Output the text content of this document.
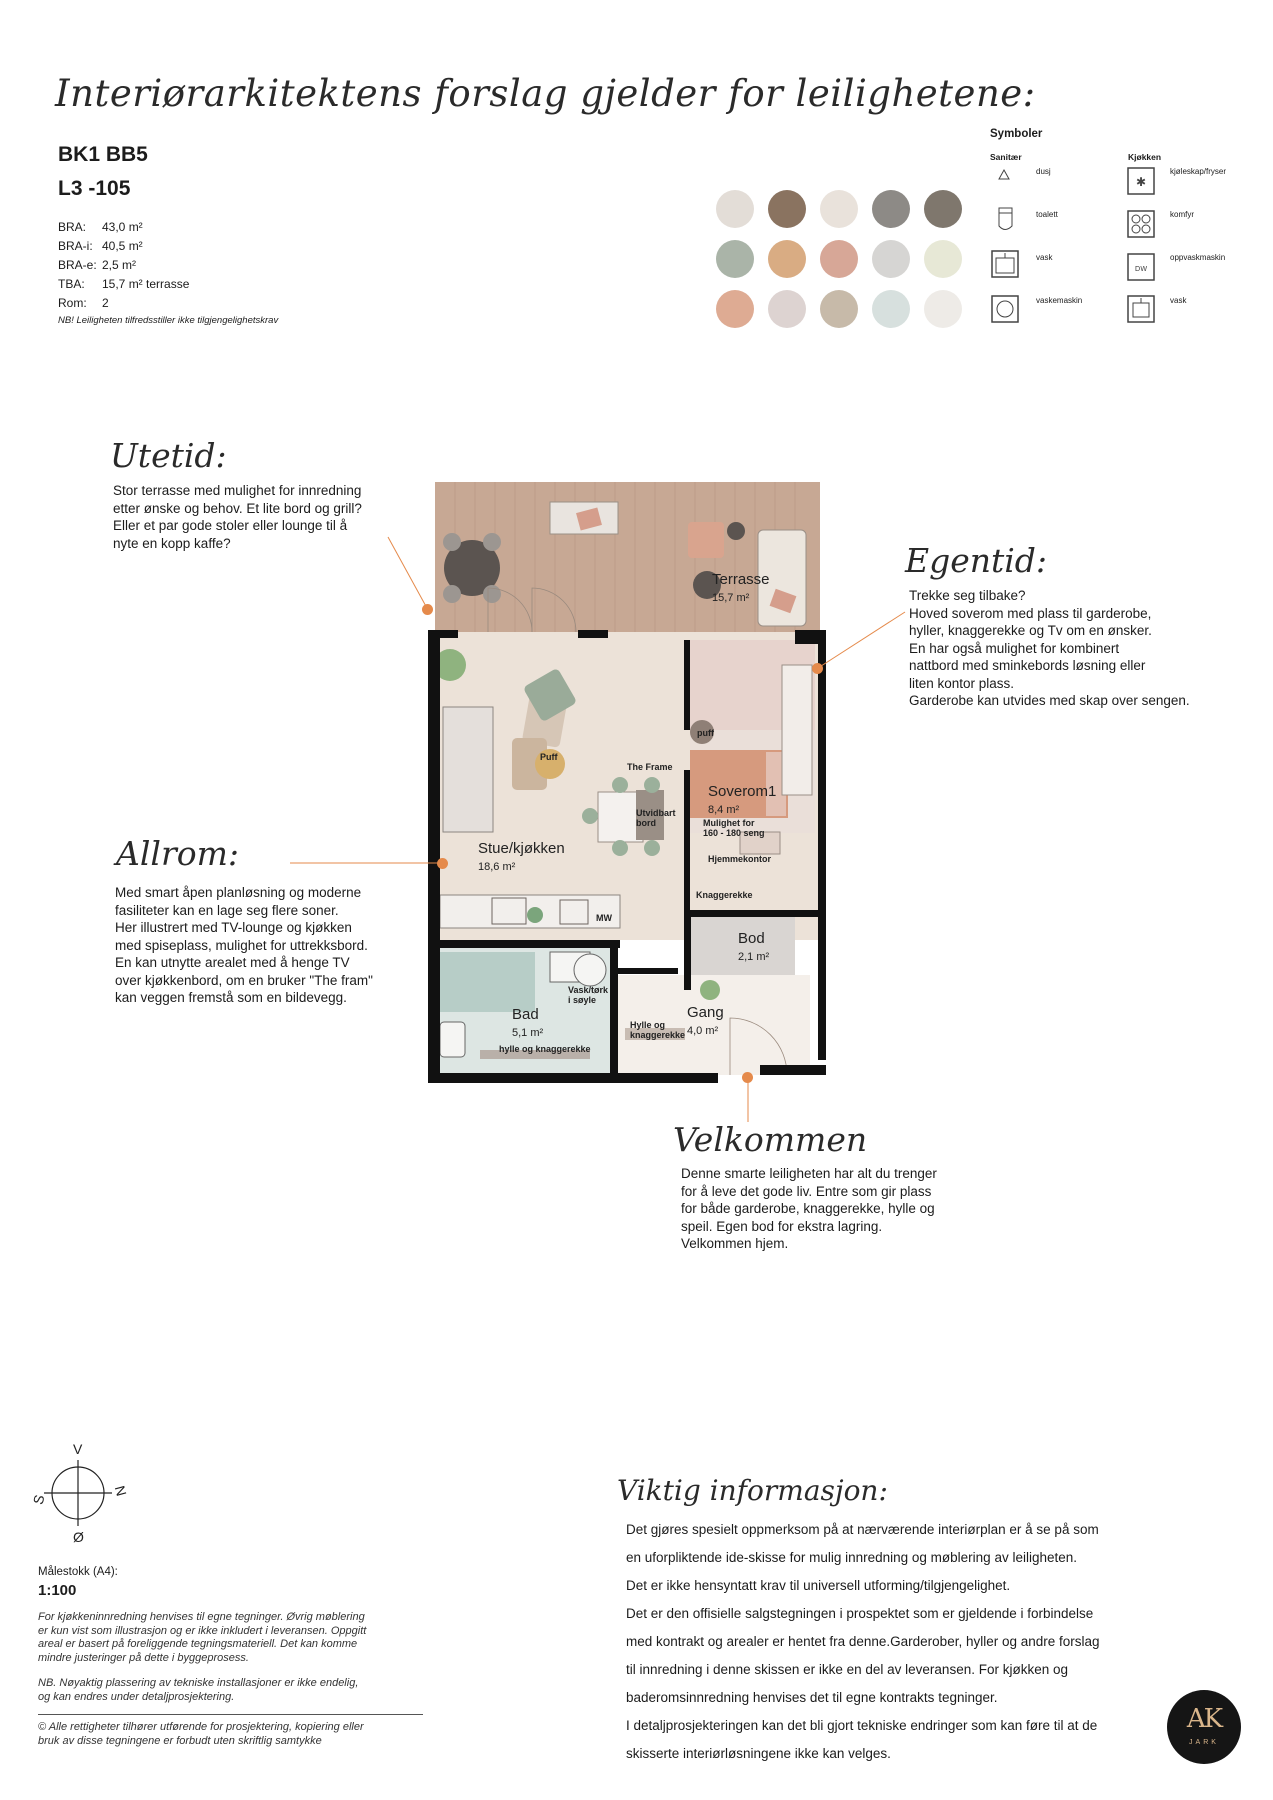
Interiørarkitektens forslag gjelder for leilighetene:
BK1 BB5
L3 -105
BRA:	43,0 m²
BRA-i: 40,5 m²
BRA-e: 2,5 m²
TBA:	15,7 m² terrasse
Rom:	2
NB! Leiligheten tilfredsstiller ikke tilgjengelighetskrav
Symboler
Sanitær	Kjøkken
dusj
toalett
vask
vaskemaskin
✱
kjøleskap/fryser
komfyr
DW
oppvaskmaskin
vask
Terrasse
15,7 m²
Stue/kjøkken
18,6 m²
Soverom1
8,4 m²
Mulighet for
160 - 180 seng
Bod
2,1 m²
Bad
5,1 m²
Gang
4,0 m²
Puff
puff
The Frame
Utvidbart
bord
Hjemmekontor
Knaggerekke
Vask/tørk
i søyle
Hylle og
knaggerekke
hylle og knaggerekke
MW
Utetid:
Stor terrasse med mulighet for innredning
etter ønske og behov. Et lite bord og grill?
Eller et par gode stoler eller lounge til å
nyte en kopp kaffe?	Egentid:
Trekke seg tilbake?
Hoved soverom med plass til garderobe,
hyller, knaggerekke og Tv om en ønsker.
En har også mulighet for kombinert
nattbord med sminkebords løsning eller
liten kontor plass.
Garderobe kan utvides med skap over sengen.
Allrom:
Med smart åpen planløsning og moderne
fasiliteter kan en lage seg flere soner.
Her illustrert med TV-lounge og kjøkken
med spiseplass, mulighet for uttrekksbord.
En kan utnytte arealet med å henge TV
over kjøkkenbord, om en bruker "The fram"
kan veggen fremstå som en bildevegg.
Velkommen
Denne smarte leiligheten har alt du trenger
for å leve det gode liv. Entre som gir plass
for både garderobe, knaggerekke, hylle og
speil. Egen bod for ekstra lagring.
Velkommen hjem.
V
N
S
Ø
Målestokk (A4):
1:100
For kjøkkeninnredning henvises til egne tegninger. Øvrig møblering
er kun vist som illustrasjon og er ikke inkludert i leveransen. Oppgitt
areal er basert på foreliggende tegningsmateriell. Det kan komme
mindre justeringer på dette i byggeprosess.
NB. Nøyaktig plassering av tekniske installasjoner er ikke endelig,
og kan endres under detaljprosjektering.
© Alle rettigheter tilhører utførende for prosjektering, kopiering eller
bruk av disse tegningene er forbudt uten skriftlig samtykke
Viktig informasjon:
Det gjøres spesielt oppmerksom på at nærværende interiørplan er å se på som
en uforpliktende ide-skisse for mulig innredning og møblering av leiligheten.
Det er ikke hensyntatt krav til universell utforming/tilgjengelighet.
Det er den offisielle salgstegningen i prospektet som er gjeldende i forbindelse
med kontrakt og arealer er hentet fra denne.Garderober, hyller og andre forslag
til innredning i denne skissen er ikke en del av leveransen. For kjøkken og
baderomsinnredning henvises det til egne kontrakts tegninger.
I detaljprosjekteringen kan det bli gjort tekniske endringer som kan føre til at de
skisserte interiørløsningene ikke kan velges.
AK
JARK
